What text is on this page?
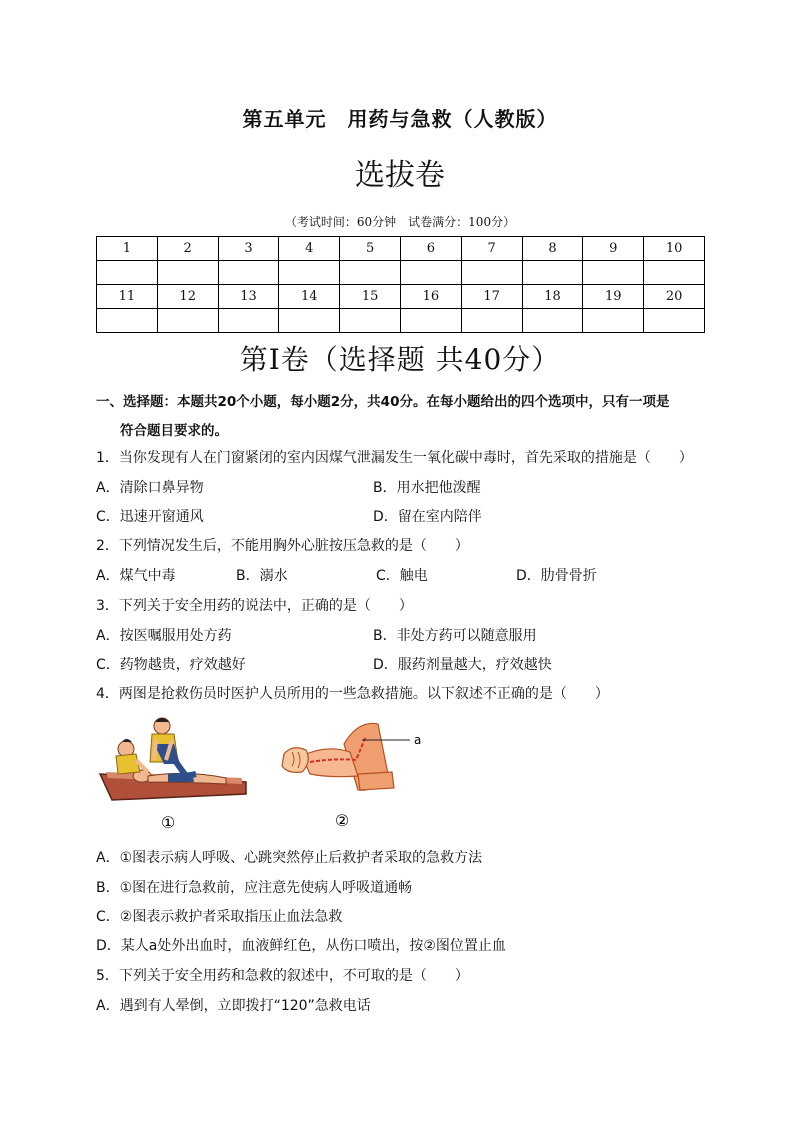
第五单元　用药与急救（人教版）
选拔卷
（考试时间：60分钟　试卷满分：100分）
1	2	3	4	5	6	7	8	9	10

11	12	13	14	15	16	17	18	19	20

第Ⅰ卷（选择题 共40分）
一、选择题：本题共20个小题，每小题2分，共40分。在每小题给出的四个选项中，只有一项是
符合题目要求的。
1．当你发现有人在门窗紧闭的室内因煤气泄漏发生一氧化碳中毒时，首先采取的措施是（　　）
A．清除口鼻异物	B．用水把他泼醒
C．迅速开窗通风	D．留在室内陪伴
2．下列情况发生后，不能用胸外心脏按压急救的是（　　）
A．煤气中毒	B．溺水	C．触电	D．肋骨骨折
3．下列关于安全用药的说法中，正确的是（　　）
A．按医嘱服用处方药	B．非处方药可以随意服用
C．药物越贵，疗效越好	D．服药剂量越大，疗效越快
4．两图是抢救伤员时医护人员所用的一些急救措施。以下叙述不正确的是（　　）
①
a
②
A．①图表示病人呼吸、心跳突然停止后救护者采取的急救方法
B．①图在进行急救前，应注意先使病人呼吸道通畅
C．②图表示救护者采取指压止血法急救
D．某人a处外出血时，血液鲜红色，从伤口喷出，按②图位置止血
5．下列关于安全用药和急救的叙述中，不可取的是（　　）
A．遇到有人晕倒，立即拨打“120”急救电话
